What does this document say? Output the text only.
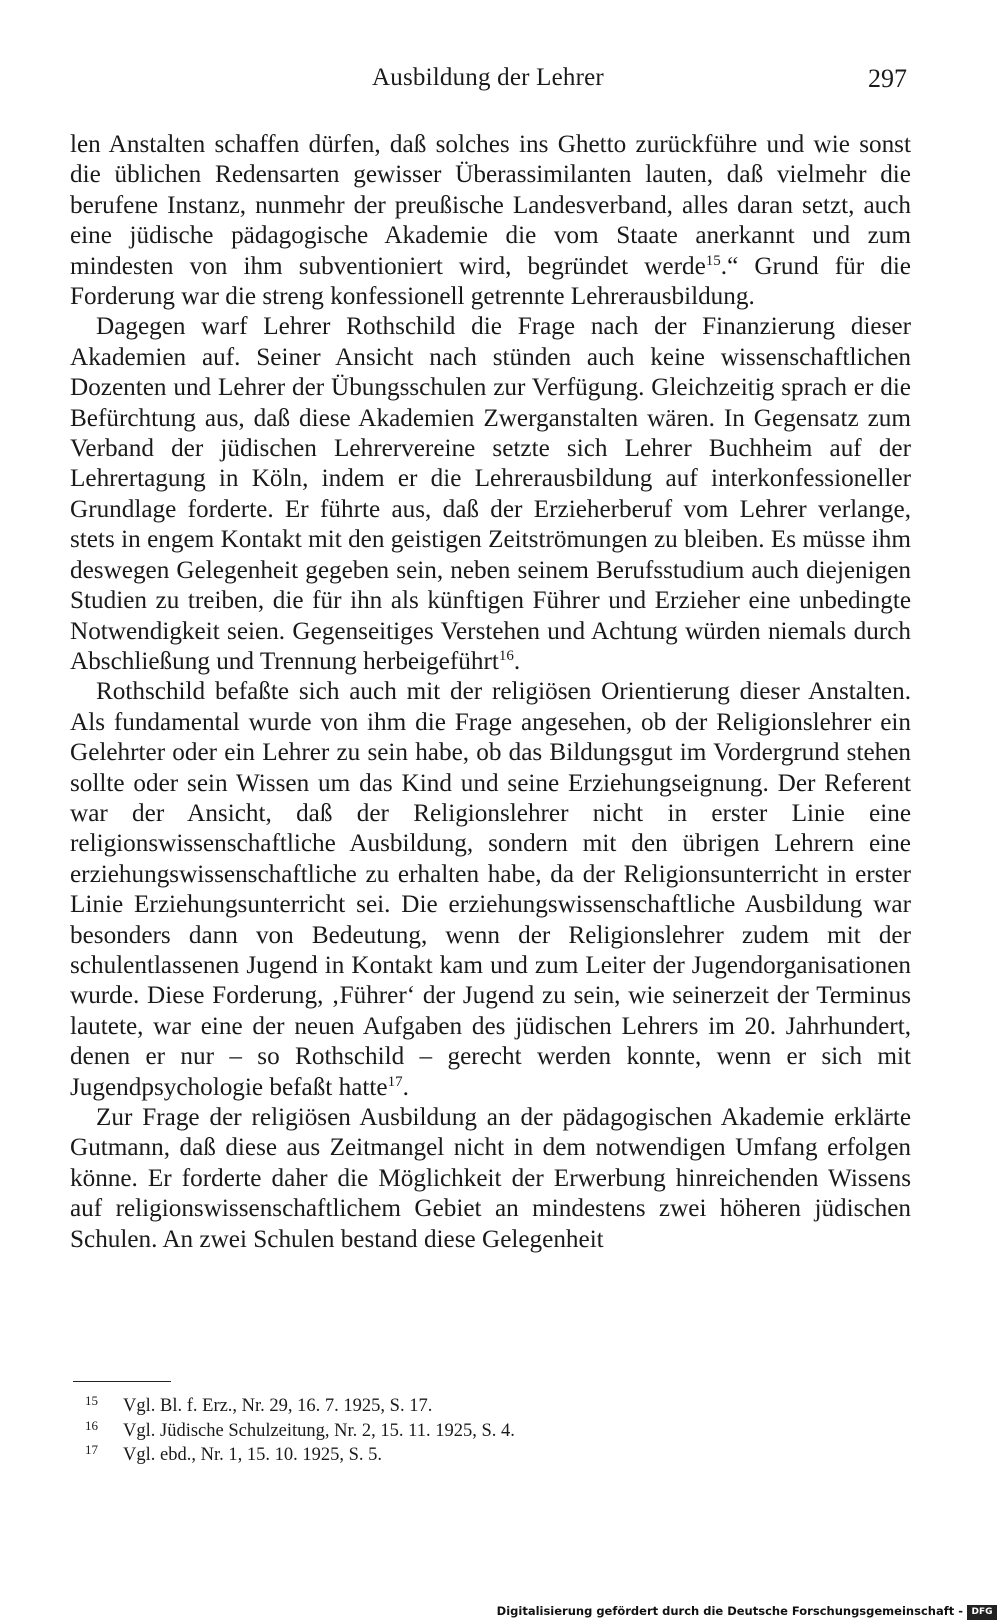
Ausbildung der Lehrer	297

len Anstalten schaffen dürfen, daß solches ins Ghetto zurückführe und wie sonst die üblichen Redensarten gewisser Überassimilanten lauten, daß vielmehr die berufene Instanz, nunmehr der preußische Landesverband, alles daran setzt, auch eine jüdische pädagogische Akademie die vom Staate anerkannt und zum mindesten von ihm subventioniert wird, begründet werde$^{15}$.“ Grund für die Forderung war die streng konfessionell getrennte Lehrerausbildung.

Dagegen warf Lehrer Rothschild die Frage nach der Finanzierung dieser Akademien auf. Seiner Ansicht nach stünden auch keine wissenschaftlichen Dozenten und Lehrer der Übungsschulen zur Verfügung. Gleichzeitig sprach er die Befürchtung aus, daß diese Akademien Zwerganstalten wären. In Gegensatz zum Verband der jüdischen Lehrervereine setzte sich Lehrer Buchheim auf der Lehrertagung in Köln, indem er die Lehrerausbildung auf interkonfessioneller Grundlage forderte. Er führte aus, daß der Erzieherberuf vom Lehrer verlange, stets in engem Kontakt mit den geistigen Zeitströmungen zu bleiben. Es müsse ihm deswegen Gelegenheit gegeben sein, neben seinem Berufsstudium auch diejenigen Studien zu treiben, die für ihn als künftigen Führer und Erzieher eine unbedingte Notwendigkeit seien. Gegenseitiges Verstehen und Achtung würden niemals durch Abschließung und Trennung herbeigeführt$^{16}$.

Rothschild befaßte sich auch mit der religiösen Orientierung dieser Anstalten. Als fundamental wurde von ihm die Frage angesehen, ob der Religionslehrer ein Gelehrter oder ein Lehrer zu sein habe, ob das Bildungsgut im Vordergrund stehen sollte oder sein Wissen um das Kind und seine Erziehungseignung. Der Referent war der Ansicht, daß der Religionslehrer nicht in erster Linie eine religionswissenschaftliche Ausbildung, sondern mit den übrigen Lehrern eine erziehungswissenschaftliche zu erhalten habe, da der Religionsunterricht in erster Linie Erziehungsunterricht sei. Die erziehungswissenschaftliche Ausbildung war besonders dann von Bedeutung, wenn der Religionslehrer zudem mit der schulentlassenen Jugend in Kontakt kam und zum Leiter der Jugendorganisationen wurde. Diese Forderung, ‚Führer‘ der Jugend zu sein, wie seinerzeit der Terminus lautete, war eine der neuen Aufgaben des jüdischen Lehrers im 20. Jahrhundert, denen er nur – so Rothschild – gerecht werden konnte, wenn er sich mit Jugendpsychologie befaßt hatte$^{17}$.

Zur Frage der religiösen Ausbildung an der pädagogischen Akademie erklärte Gutmann, daß diese aus Zeitmangel nicht in dem notwendigen Umfang erfolgen könne. Er forderte daher die Möglichkeit der Erwerbung hinreichenden Wissens auf religionswissenschaftlichem Gebiet an mindestens zwei höheren jüdischen Schulen. An zwei Schulen bestand diese Gelegenheit

15 Vgl. Bl. f. Erz., Nr. 29, 16. 7. 1925, S. 17.

16 Vgl. Jüdische Schulzeitung, Nr. 2, 15. 11. 1925, S. 4.

17 Vgl. ebd., Nr. 1, 15. 10. 1925, S. 5.

Digitalisierung gefördert durch die Deutsche Forschungsgemeinschaft - DFG
